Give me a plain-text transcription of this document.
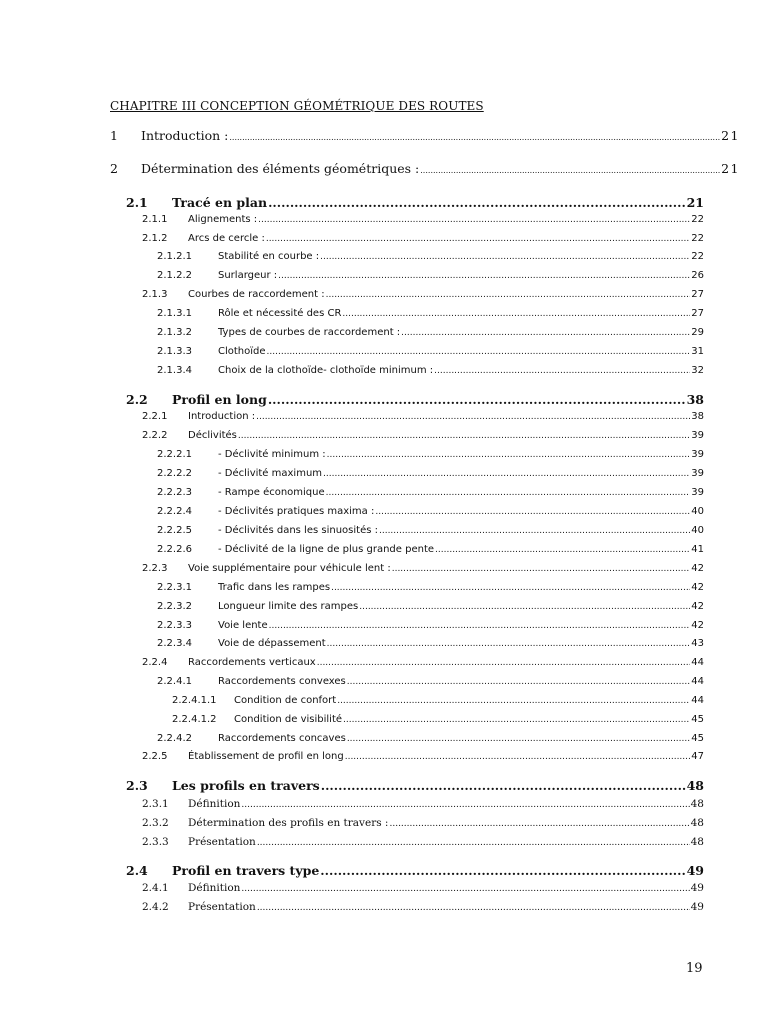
CHAPITRE III CONCEPTION GÉOMÉTRIQUE DES ROUTES
1	Introduction : .....	21
2	Détermination des éléments géométriques : .....	21
2.1	Tracé en plan .....	21
2.1.1	Alignements : .....	22
2.1.2	Arcs de cercle : .....	22
2.1.2.1	Stabilité en courbe : .....	22
2.1.2.2	Surlargeur : .....	26
2.1.3	Courbes de raccordement : .....	27
2.1.3.1	Rôle et nécessité des CR .....	27
2.1.3.2	Types de courbes de raccordement : .....	29
2.1.3.3	Clothoïde .....	31
2.1.3.4	Choix de la clothoïde- clothoïde minimum : .....	32
2.2	Profil en long .....	38
2.2.1	Introduction : .....	38
2.2.2	Déclivités .....	39
2.2.2.1	- Déclivité minimum : .....	39
2.2.2.2	- Déclivité maximum .....	39
2.2.2.3	- Rampe économique .....	39
2.2.2.4	- Déclivités pratiques maxima : .....	40
2.2.2.5	- Déclivités dans les sinuosités : .....	40
2.2.2.6	- Déclivité de la ligne de plus grande pente .....	41
2.2.3	Voie supplémentaire pour véhicule lent : .....	42
2.2.3.1	Trafic dans les rampes .....	42
2.2.3.2	Longueur limite des rampes .....	42
2.2.3.3	Voie lente .....	42
2.2.3.4	Voie de dépassement .....	43
2.2.4	Raccordements verticaux .....	44
2.2.4.1	Raccordements convexes .....	44
2.2.4.1.1	Condition de confort .....	44
2.2.4.1.2	Condition de visibilité .....	45
2.2.4.2	Raccordements concaves .....	45
2.2.5	Établissement de profil en long .....	47
2.3	Les profils en travers .....	48
2.3.1	Définition .....	48
2.3.2	Détermination des profils en travers : .....	48
2.3.3	Présentation .....	48
2.4	Profil en travers type .....	49
2.4.1	Définition .....	49
2.4.2	Présentation .....	49
19
